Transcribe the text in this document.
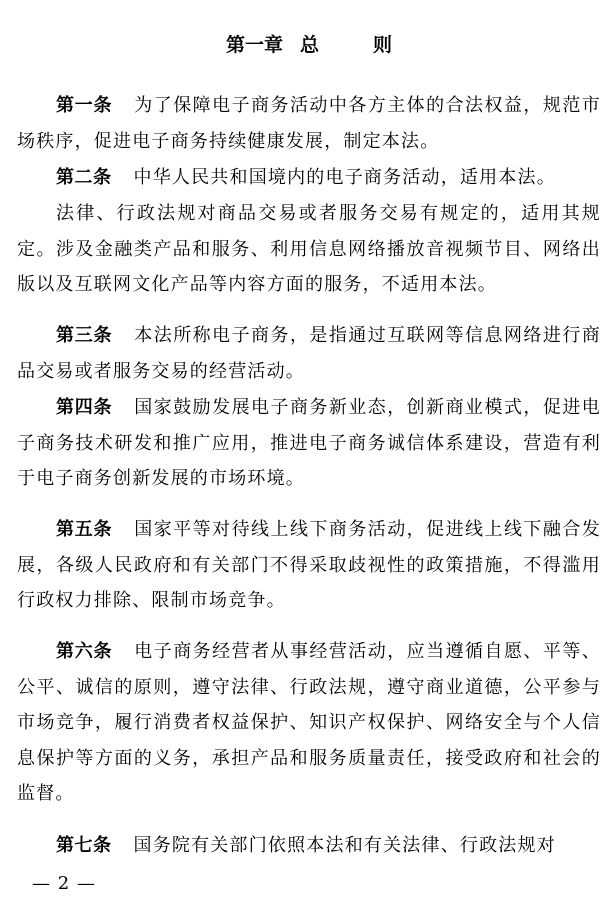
第一章 总	则

第一条 为了保障电子商务活动中各方主体的合法权益，规范市场秩序，促进电子商务持续健康发展，制定本法。

第二条 中华人民共和国境内的电子商务活动，适用本法。

法律、行政法规对商品交易或者服务交易有规定的，适用其规定。涉及金融类产品和服务、利用信息网络播放音视频节目、网络出版以及互联网文化产品等内容方面的服务，不适用本法。

第三条 本法所称电子商务，是指通过互联网等信息网络进行商品交易或者服务交易的经营活动。

第四条 国家鼓励发展电子商务新业态，创新商业模式，促进电子商务技术研发和推广应用，推进电子商务诚信体系建设，营造有利于电子商务创新发展的市场环境。

第五条 国家平等对待线上线下商务活动，促进线上线下融合发展，各级人民政府和有关部门不得采取歧视性的政策措施，不得滥用行政权力排除、限制市场竞争。

第六条 电子商务经营者从事经营活动，应当遵循自愿、平等、公平、诚信的原则，遵守法律、行政法规，遵守商业道德，公平参与市场竞争，履行消费者权益保护、知识产权保护、网络安全与个人信息保护等方面的义务，承担产品和服务质量责任，接受政府和社会的监督。

第七条 国务院有关部门依照本法和有关法律、行政法规对

— 2 —
